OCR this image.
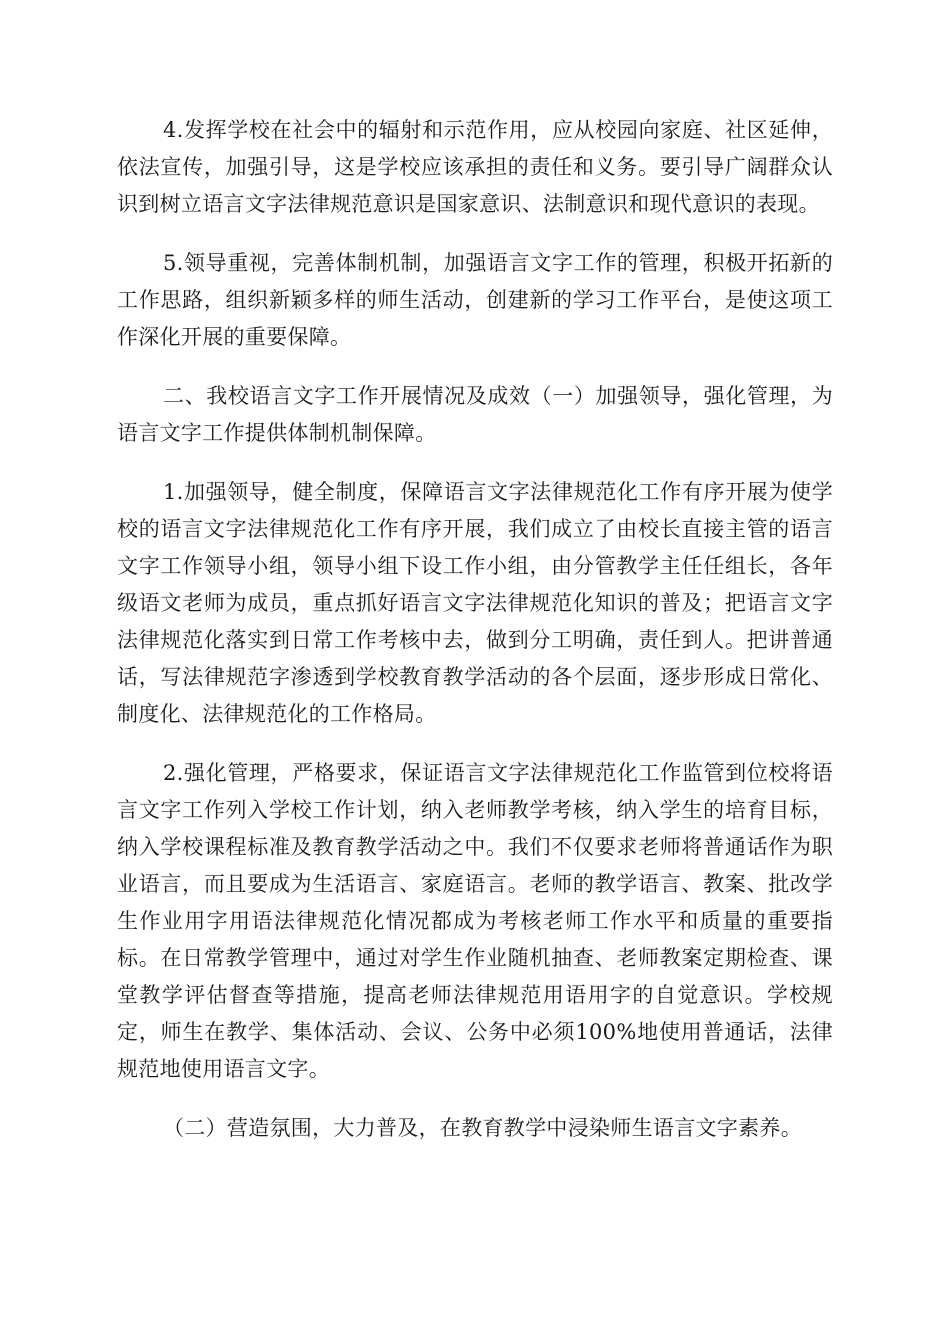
4.发挥学校在社会中的辐射和示范作用，应从校园向家庭、社区延伸，依法宣传，加强引导，这是学校应该承担的责任和义务。要引导广阔群众认识到树立语言文字法律规范意识是国家意识、法制意识和现代意识的表现。

5.领导重视，完善体制机制，加强语言文字工作的管理，积极开拓新的工作思路，组织新颖多样的师生活动，创建新的学习工作平台，是使这项工作深化开展的重要保障。

二、我校语言文字工作开展情况及成效（一）加强领导，强化管理，为语言文字工作提供体制机制保障。

1.加强领导，健全制度，保障语言文字法律规范化工作有序开展为使学校的语言文字法律规范化工作有序开展，我们成立了由校长直接主管的语言文字工作领导小组，领导小组下设工作小组，由分管教学主任任组长，各年级语文老师为成员，重点抓好语言文字法律规范化知识的普及；把语言文字法律规范化落实到日常工作考核中去，做到分工明确，责任到人。把讲普通话，写法律规范字渗透到学校教育教学活动的各个层面，逐步形成日常化、制度化、法律规范化的工作格局。

2.强化管理，严格要求，保证语言文字法律规范化工作监管到位校将语言文字工作列入学校工作计划，纳入老师教学考核，纳入学生的培育目标，纳入学校课程标准及教育教学活动之中。我们不仅要求老师将普通话作为职业语言，而且要成为生活语言、家庭语言。老师的教学语言、教案、批改学生作业用字用语法律规范化情况都成为考核老师工作水平和质量的重要指标。在日常教学管理中，通过对学生作业随机抽查、老师教案定期检查、课堂教学评估督查等措施，提高老师法律规范用语用字的自觉意识。学校规定，师生在教学、集体活动、会议、公务中必须100%地使用普通话，法律规范地使用语言文字。

（二）营造氛围，大力普及，在教育教学中浸染师生语言文字素养。
